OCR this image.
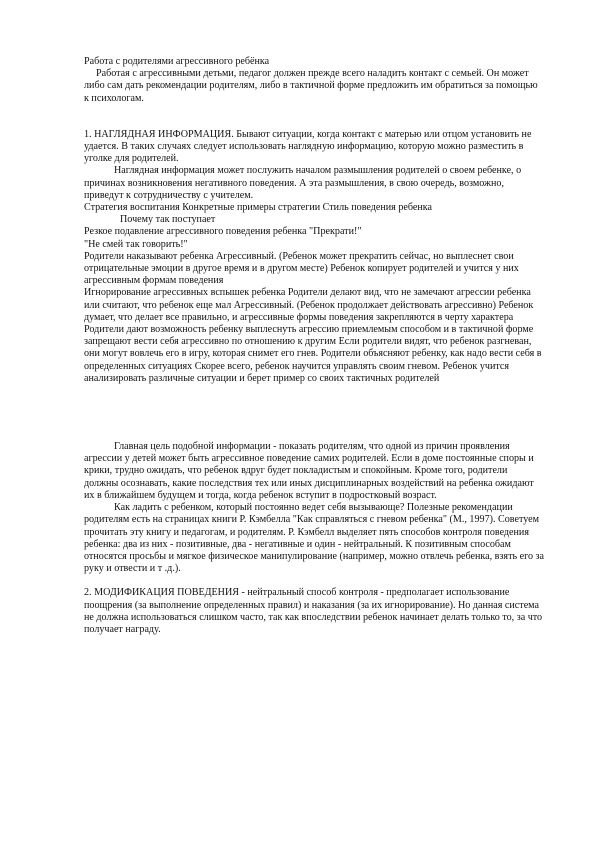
Работа с родителями агрессивного ребёнка

Работая с агрессивными детьми, педагог должен прежде всего наладить контакт с семьей. Он может либо сам дать рекомендации родителям, либо в тактичной форме предложить им обратиться за помощью к психологам.

1. НАГЛЯДНАЯ ИНФОРМАЦИЯ. Бывают ситуации, когда контакт с матерью или отцом установить не удается. В таких случаях следует использовать наглядную информацию, которую можно разместить в уголке для родителей.

Наглядная информация может послужить началом размышления родителей о своем ребенке, о причинах возникновения негативного поведения. А эта размышления, в свою очередь, возможно, приведут к сотрудничеству с учителем.

Стратегия воспитания Конкретные примеры стратегии Стиль поведения ребенка

Почему так поступает

Резкое подавление агрессивного поведения ребенка "Прекрати!"

"Не смей так говорить!"

Родители наказывают ребенка Агрессивный. (Ребенок может прекратить сейчас, но выплеснет свои отрицательные эмоции в другое время и в другом месте) Ребенок копирует родителей и учится у них агрессивным формам поведения

Игнорирование агрессивных вспышек ребенка Родители делают вид, что не замечают агрессии ребенка или считают, что ребенок еще мал Агрессивный. (Ребенок продолжает действовать агрессивно) Ребенок думает, что делает все правильно, и агрессивные формы поведения закрепляются в черту характера

Родители дают возможность ребенку выплеснуть агрессию приемлемым способом и в тактичной форме запрещают вести себя агрессивно по отношению к другим Если родители видят, что ребенок разгневан, они могут вовлечь его в игру, которая снимет его гнев. Родители объясняют ребенку, как надо вести себя в определенных ситуациях Скорее всего, ребенок научится управлять своим гневом. Ребенок учится анализировать различные ситуации и берет пример со своих тактичных родителей

Главная цель подобной информации - показать родителям, что одной из причин проявления агрессии у детей может быть агрессивное поведение самих родителей. Если в доме постоянные споры и крики, трудно ожидать, что ребенок вдруг будет покладистым и спокойным. Кроме того, родители должны осознавать, какие последствия тех или иных дисциплинарных воздействий на ребенка ожидают их в ближайшем будущем и тогда, когда ребенок вступит в подростковый возраст.

Как ладить с ребенком, который постоянно ведет себя вызывающе? Полезные рекомендации родителям есть на страницах книги Р. Кэмбелла "Как справляться с гневом ребенка" (М., 1997). Советуем прочитать эту книгу и педагогам, и родителям. Р. Кэмбелл выделяет пять способов контроля поведения ребенка: два из них - позитивные, два - негативные и один - нейтральный. К позитивным способам относятся просьбы и мягкое физическое манипулирование (например, можно отвлечь ребенка, взять его за руку и отвести и т .д.).

2. МОДИФИКАЦИЯ ПОВЕДЕНИЯ - нейтральный способ контроля - предполагает использование поощрения (за выполнение определенных правил) и наказания (за их игнорирование). Но данная система не должна использоваться слишком часто, так как впоследствии ребенок начинает делать только то, за что получает награду.
